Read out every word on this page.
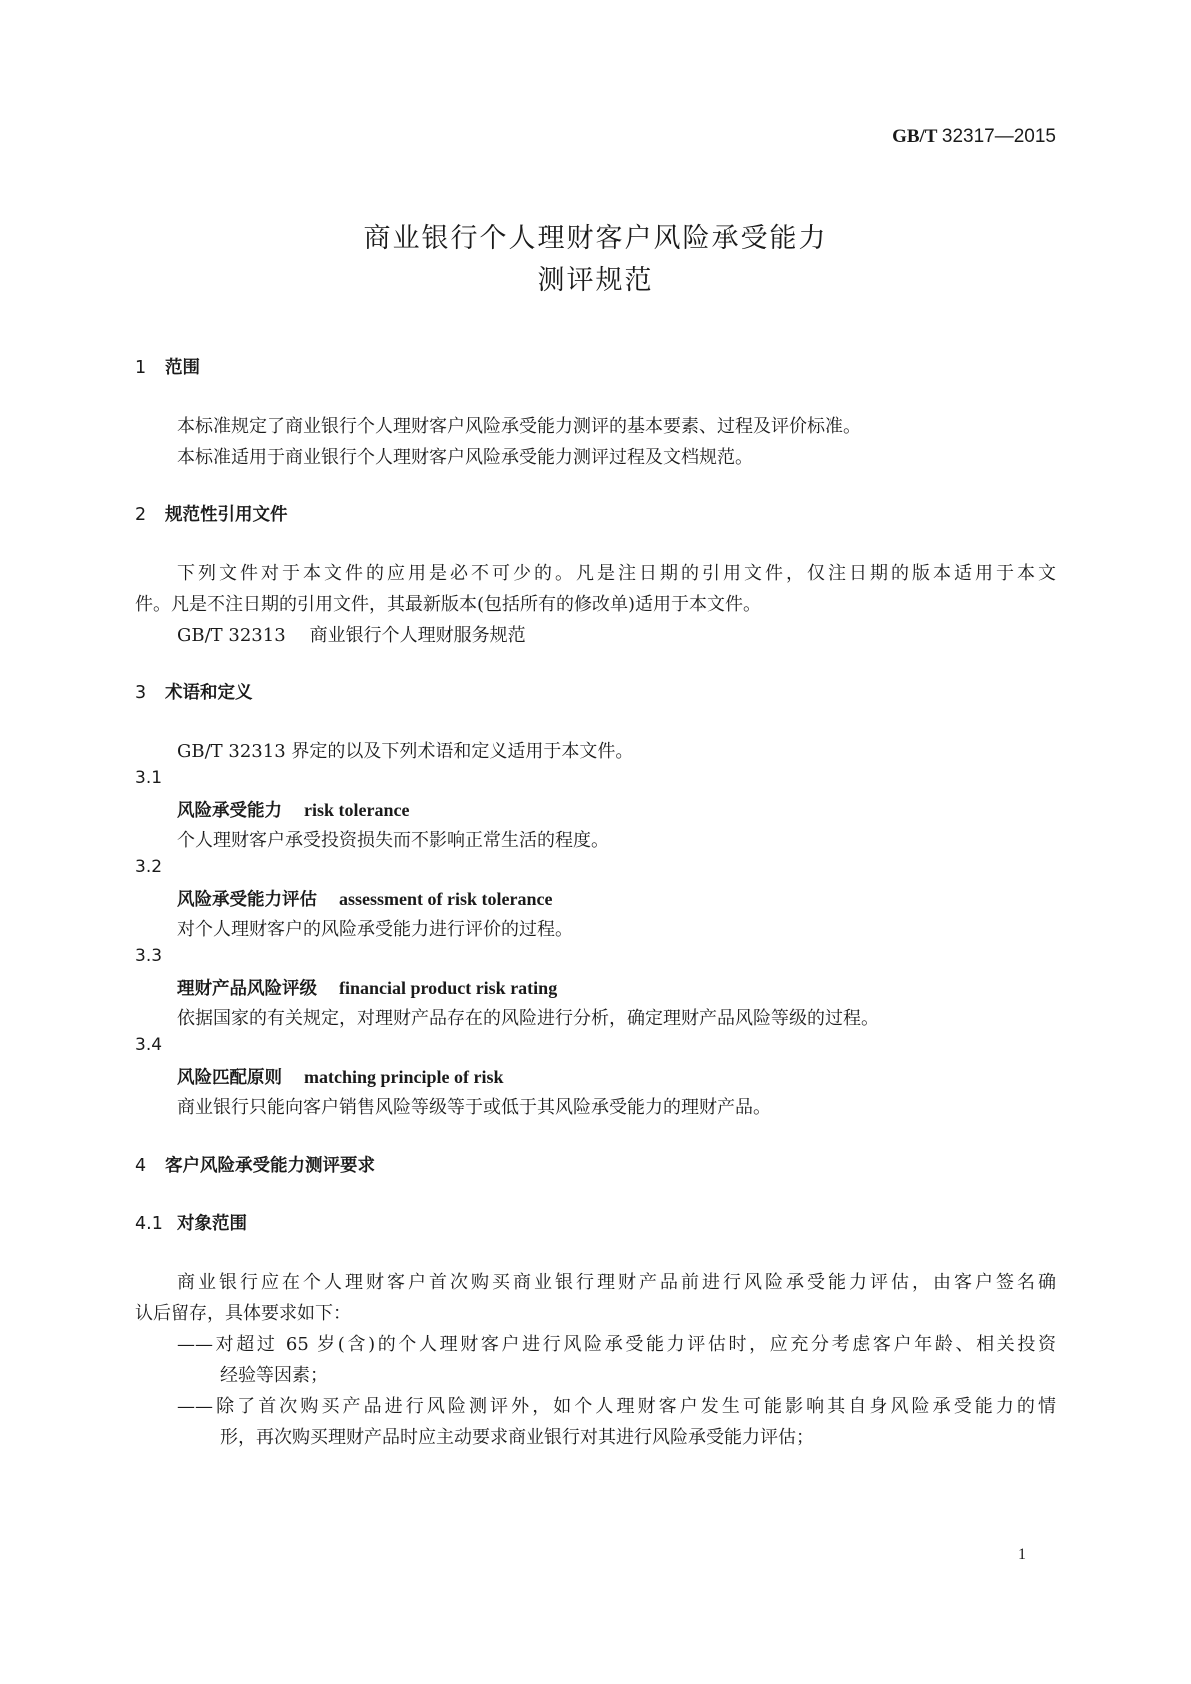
GB/T 32317—2015
商业银行个人理财客户风险承受能力
测评规范
1 范围
本标准规定了商业银行个人理财客户风险承受能力测评的基本要素、过程及评价标准。
本标准适用于商业银行个人理财客户风险承受能力测评过程及文档规范。
2 规范性引用文件
下列文件对于本文件的应用是必不可少的。凡是注日期的引用文件，仅注日期的版本适用于本文
件。凡是不注日期的引用文件，其最新版本(包括所有的修改单)适用于本文件。
GB/T 32313 商业银行个人理财服务规范
3 术语和定义
GB/T 32313 界定的以及下列术语和定义适用于本文件。
3.1
风险承受能力 risk tolerance
个人理财客户承受投资损失而不影响正常生活的程度。
3.2
风险承受能力评估 assessment of risk tolerance
对个人理财客户的风险承受能力进行评价的过程。
3.3
理财产品风险评级 financial product risk rating
依据国家的有关规定，对理财产品存在的风险进行分析，确定理财产品风险等级的过程。
3.4
风险匹配原则 matching principle of risk
商业银行只能向客户销售风险等级等于或低于其风险承受能力的理财产品。
4 客户风险承受能力测评要求
4.1 对象范围
商业银行应在个人理财客户首次购买商业银行理财产品前进行风险承受能力评估，由客户签名确
认后留存，具体要求如下：
——对超过 65 岁(含)的个人理财客户进行风险承受能力评估时，应充分考虑客户年龄、相关投资
经验等因素；
——除了首次购买产品进行风险测评外，如个人理财客户发生可能影响其自身风险承受能力的情
形，再次购买理财产品时应主动要求商业银行对其进行风险承受能力评估；
1
